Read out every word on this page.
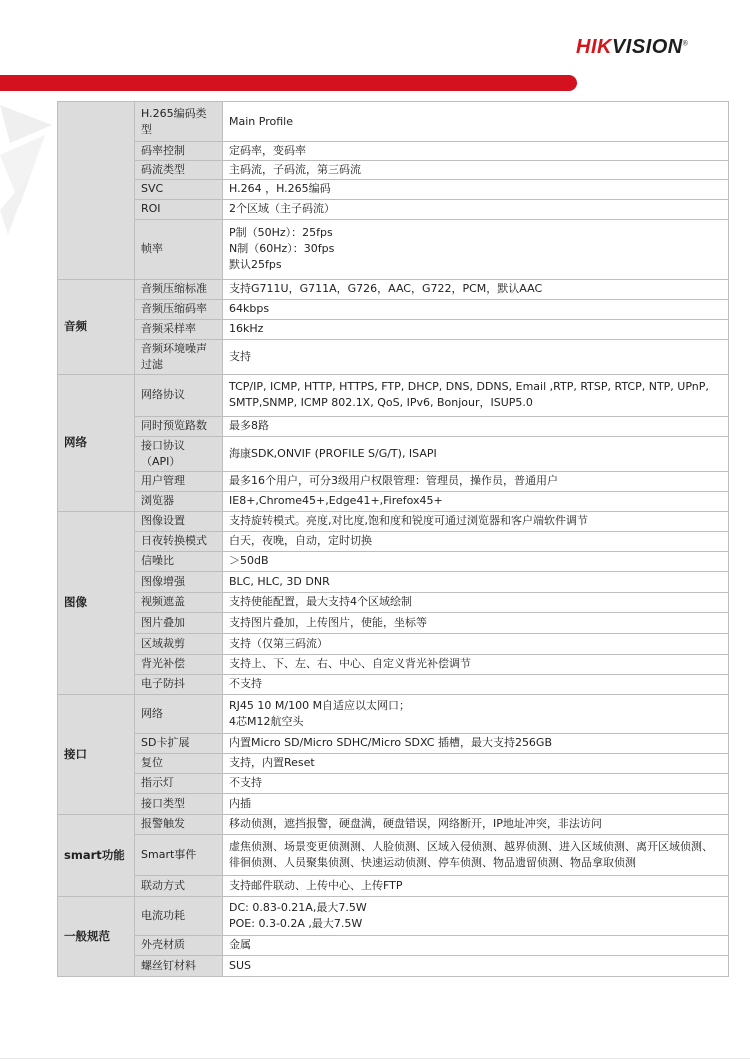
HIKVISION®
	H.265编码类型	Main Profile

	码率控制	定码率，变码率

	码流类型	主码流，子码流，第三码流

	SVC	H.264 ，H.265编码

	ROI	2个区域（主子码流）

	帧率	P制（50Hz）：25fps
N制（60Hz）：30fps
默认25fps

音频	音频压缩标准	支持G711U，G711A，G726，AAC，G722，PCM，默认AAC

	音频压缩码率	64kbps

	音频采样率	16kHz

	音频环境噪声过滤	支持

网络	网络协议	TCP/IP, ICMP, HTTP, HTTPS, FTP, DHCP, DNS, DDNS, Email ,RTP, RTSP, RTCP, NTP, UPnP,
SMTP,SNMP, ICMP 802.1X, QoS, IPv6, Bonjour，ISUP5.0

	同时预览路数	最多8路

	接口协议（API）	海康SDK,ONVIF (PROFILE S/G/T), ISAPI

	用户管理	最多16个用户，可分3级用户权限管理：管理员，操作员，普通用户

	浏览器	IE8+,Chrome45+,Edge41+,Firefox45+

图像	图像设置	支持旋转模式。亮度,对比度,饱和度和锐度可通过浏览器和客户端软件调节

	日夜转换模式	白天，夜晚，自动，定时切换

	信噪比	＞50dB

	图像增强	BLC, HLC, 3D DNR

	视频遮盖	支持使能配置，最大支持4个区域绘制

	图片叠加	支持图片叠加，上传图片，使能，坐标等

	区域裁剪	支持（仅第三码流）

	背光补偿	支持上、下、左、右、中心、自定义背光补偿调节

	电子防抖	不支持

接口	网络	RJ45 10 M/100 M自适应以太网口；
4芯M12航空头

	SD卡扩展	内置Micro SD/Micro SDHC/Micro SDXC 插槽，最大支持256GB

	复位	支持，内置Reset

	指示灯	不支持

	接口类型	内插

smart功能	报警触发	移动侦测，遮挡报警，硬盘满，硬盘错误，网络断开，IP地址冲突，非法访问

	Smart事件	虚焦侦测、场景变更侦测测、人脸侦测、区域入侵侦测、越界侦测、进入区域侦测、离开区域侦测、
徘徊侦测、人员聚集侦测、快速运动侦测、停车侦测、物品遗留侦测、物品拿取侦测

	联动方式	支持邮件联动、上传中心、上传FTP

一般规范	电流功耗	DC: 0.83-0.21A,最大7.5W
POE: 0.3-0.2A ,最大7.5W

	外壳材质	金属

	螺丝钉材料	SUS
